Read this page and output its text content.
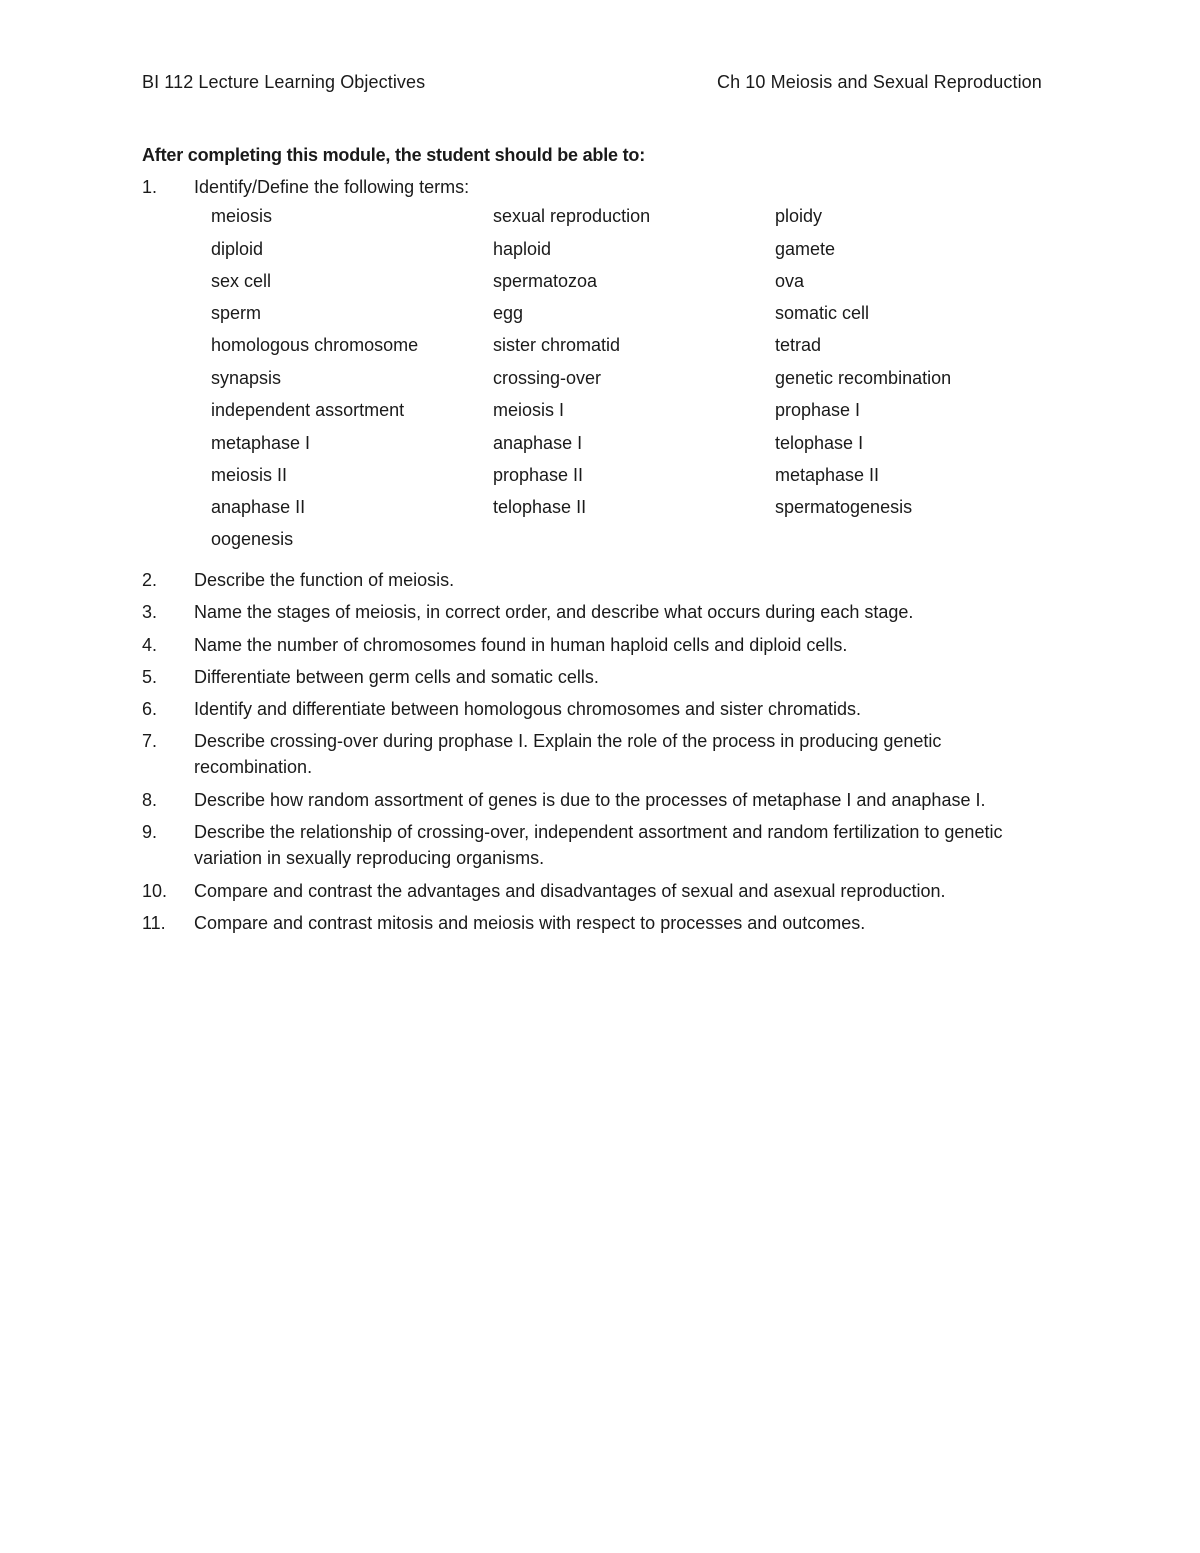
BI 112 Lecture Learning Objectives	Ch 10 Meiosis and Sexual Reproduction
After completing this module, the student should be able to:
1. Identify/Define the following terms:
meiosis	sexual reproduction	ploidy
diploid	haploid	gamete
sex cell	spermatozoa	ova
sperm	egg	somatic cell
homologous chromosome	sister chromatid	tetrad
synapsis	crossing-over	genetic recombination
independent assortment	meiosis I	prophase I
metaphase I	anaphase I	telophase I
meiosis II	prophase II	metaphase II
anaphase II	telophase II	spermatogenesis
oogenesis
2. Describe the function of meiosis.
3. Name the stages of meiosis, in correct order, and describe what occurs during each stage.
4. Name the number of chromosomes found in human haploid cells and diploid cells.
5. Differentiate between germ cells and somatic cells.
6. Identify and differentiate between homologous chromosomes and sister chromatids.
7. Describe crossing-over during prophase I. Explain the role of the process in producing genetic recombination.
8. Describe how random assortment of genes is due to the processes of metaphase I and anaphase I.
9. Describe the relationship of crossing-over, independent assortment and random fertilization to genetic variation in sexually reproducing organisms.
10. Compare and contrast the advantages and disadvantages of sexual and asexual reproduction.
11. Compare and contrast mitosis and meiosis with respect to processes and outcomes.
